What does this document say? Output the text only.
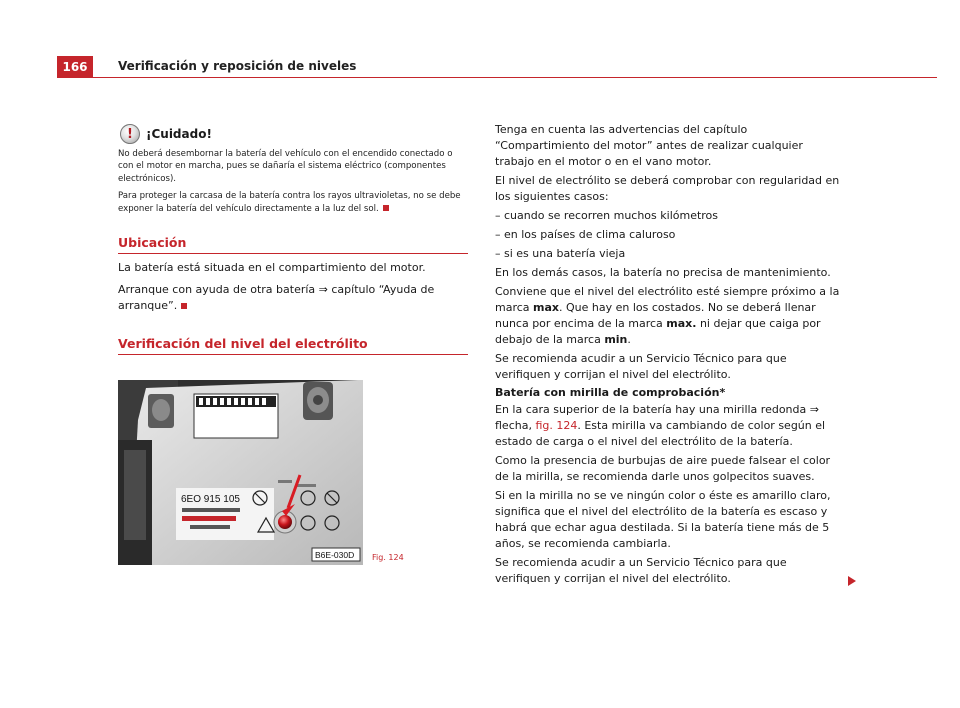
166	Verificación y reposición de niveles
!	¡Cuidado!

No deberá desembornar la batería del vehículo con el encendido conectado o con el motor en marcha, pues se dañaría el sistema eléctrico (componentes electrónicos).

Para proteger la carcasa de la batería contra los rayos ultravioletas, no se debe exponer la batería del vehículo directamente a la luz del sol.

Ubicación

La batería está situada en el compartimiento del motor.

Arranque con ayuda de otra batería ⇒ capítulo “Ayuda de arranque”.

Verificación del nivel del electrólito
6EO 915 105
B6E-030D Fig. 124

Tenga en cuenta las advertencias del capítulo “Compartimiento del motor” antes de realizar cualquier trabajo en el motor o en el vano motor.

El nivel de electrólito se deberá comprobar con regularidad en los siguientes casos:

– cuando se recorren muchos kilómetros

– en los países de clima caluroso

– si es una batería vieja

En los demás casos, la batería no precisa de mantenimiento.

Conviene que el nivel del electrólito esté siempre próximo a la marca max. Que hay en los costados. No se deberá llenar nunca por encima de la marca max. ni dejar que caiga por debajo de la marca min.

Se recomienda acudir a un Servicio Técnico para que verifiquen y corrijan el nivel del electrólito.

Batería con mirilla de comprobación*

En la cara superior de la batería hay una mirilla redonda ⇒ flecha, fig. 124. Esta mirilla va cambiando de color según el estado de carga o el nivel del electrólito de la batería.

Como la presencia de burbujas de aire puede falsear el color de la mirilla, se recomienda darle unos golpecitos suaves.

Si en la mirilla no se ve ningún color o éste es amarillo claro, significa que el nivel del electrólito de la batería es escaso y habrá que echar agua destilada. Si la batería tiene más de 5 años, se recomienda cambiarla.

Se recomienda acudir a un Servicio Técnico para que verifiquen y corrijan el nivel del electrólito.
